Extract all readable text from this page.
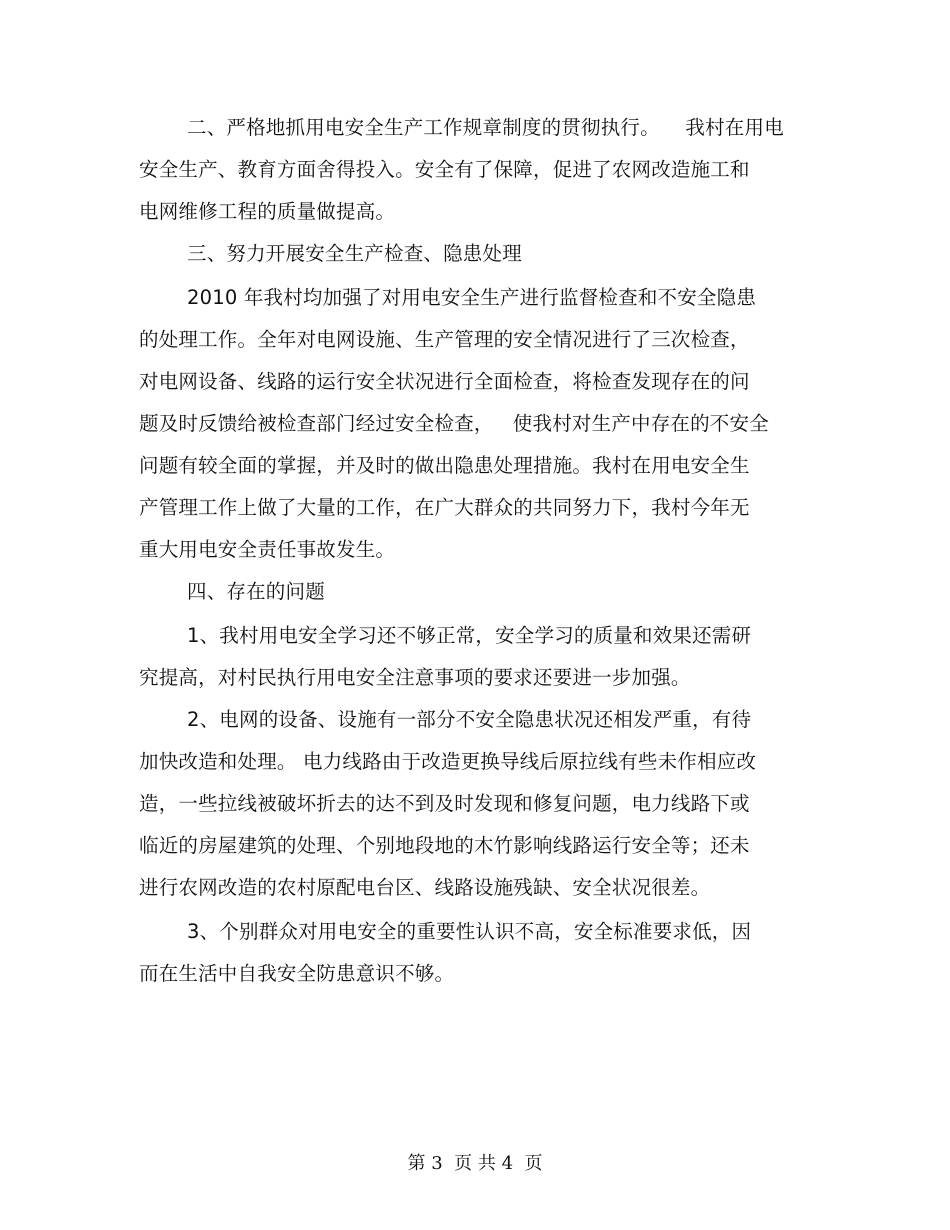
二、严格地抓用电安全生产工作规章制度的贯彻执行。    我村在用电
安全生产、教育方面舍得投入。安全有了保障，促进了农网改造施工和
电网维修工程的质量做提高。
三、努力开展安全生产检查、隐患处理
2010 年我村均加强了对用电安全生产进行监督检查和不安全隐患
的处理工作。全年对电网设施、生产管理的安全情况进行了三次检查，
对电网设备、线路的运行安全状况进行全面检查，将检查发现存在的问
题及时反馈给被检查部门经过安全检查，   使我村对生产中存在的不安全
问题有较全面的掌握，并及时的做出隐患处理措施。我村在用电安全生
产管理工作上做了大量的工作，在广大群众的共同努力下，我村今年无
重大用电安全责任事故发生。
四、存在的问题
1、我村用电安全学习还不够正常，安全学习的质量和效果还需研
究提高，对村民执行用电安全注意事项的要求还要进一步加强。
2、电网的设备、设施有一部分不安全隐患状况还相发严重，有待
加快改造和处理。 电力线路由于改造更换导线后原拉线有些未作相应改
造，一些拉线被破坏折去的达不到及时发现和修复问题，电力线路下或
临近的房屋建筑的处理、个别地段地的木竹影响线路运行安全等；还未
进行农网改造的农村原配电台区、线路设施残缺、安全状况很差。
3、个别群众对用电安全的重要性认识不高，安全标准要求低，因
而在生活中自我安全防患意识不够。
第 3  页 共 4  页
